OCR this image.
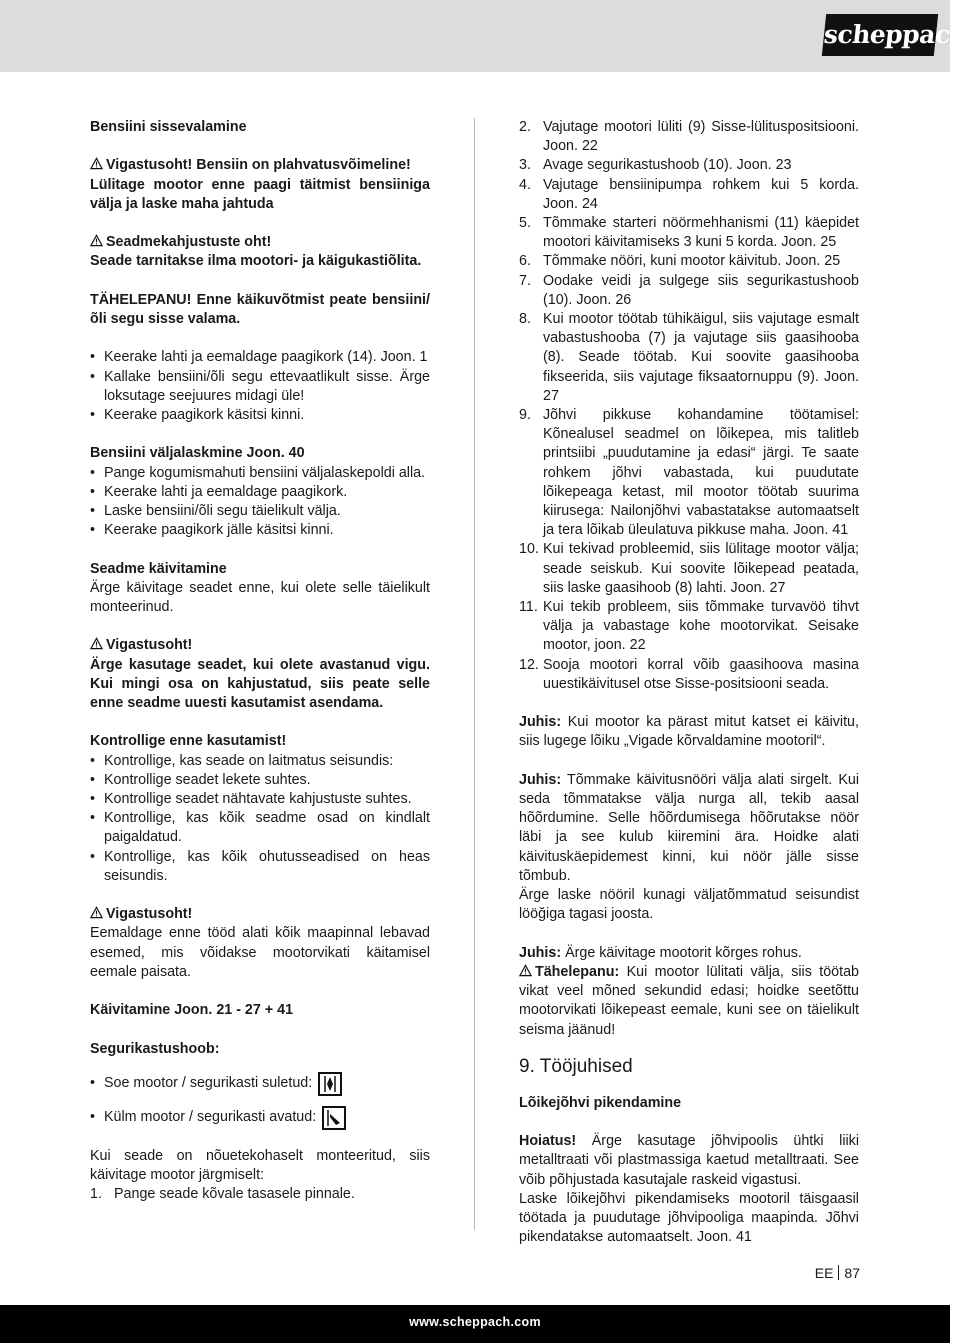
scheppach

Bensiini sissevalamine

Vigastusoht! Bensiin on plahvatusvõimeline!

Lülitage mootor enne paagi täitmist bensiiniga välja ja laske maha jahtuda

Seadmekahjustuste oht!

Seade tarnitakse ilma mootori- ja käigukastiõlita.

TÄHELEPANU! Enne käikuvõtmist peate bensiini/õli segu sisse valama.

• Keerake lahti ja eemaldage paagikork (14). Joon. 1
• Kallake bensiini/õli segu ettevaatlikult sisse. Ärge loksutage seejuures midagi üle!
• Keerake paagikork käsitsi kinni.

Bensiini väljalaskmine Joon. 40

• Pange kogumismahuti bensiini väljalaskepoldi alla.
• Keerake lahti ja eemaldage paagikork.
• Laske bensiini/õli segu täielikult välja.
• Keerake paagikork jälle käsitsi kinni.

Seadme käivitamine

Ärge käivitage seadet enne, kui olete selle täielikult monteerinud.

Vigastusoht!

Ärge kasutage seadet, kui olete avastanud vigu. Kui mingi osa on kahjustatud, siis peate selle enne seadme uuesti kasutamist asendama.

Kontrollige enne kasutamist!

• Kontrollige, kas seade on laitmatus seisundis:
• Kontrollige seadet lekete suhtes.
• Kontrollige seadet nähtavate kahjustuste suhtes.
• Kontrollige, kas kõik seadme osad on kindlalt paigaldatud.
• Kontrollige, kas kõik ohutusseadised on heas seisundis.

Vigastusoht!

Eemaldage enne tööd alati kõik maapinnal lebavad esemed, mis võidakse mootorvikati käitamisel eemale paisata.

Käivitamine Joon. 21 - 27 + 41

Segurikastushoob:

• Soe mootor / segurikasti suletud:
• Külm mootor / segurikasti avatud:

Kui seade on nõuetekohaselt monteeritud, siis käivitage mootor järgmiselt:

1. Pange seade kõvale tasasele pinnale.
2. Vajutage mootori lüliti (9) Sisse-lülituspositsiooni. Joon. 22
3. Avage segurikastushoob (10). Joon. 23
4. Vajutage bensiinipumpa rohkem kui 5 korda. Joon. 24
5. Tõmmake starteri nöörmehhanismi (11) käepidet mootori käivitamiseks 3 kuni 5 korda. Joon. 25
6. Tõmmake nööri, kuni mootor käivitub. Joon. 25
7. Oodake veidi ja sulgege siis segurikastushoob (10). Joon. 26
8. Kui mootor töötab tühikäigul, siis vajutage esmalt vabastushooba (7) ja vajutage siis gaasihooba (8). Seade töötab. Kui soovite gaasihooba fikseerida, siis vajutage fiksaatornuppu (9). Joon. 27
9. Jõhvi pikkuse kohandamine töötamisel: Kõnealusel seadmel on lõikepea, mis talitleb printsiibi „puudutamine ja edasi“ järgi. Te saate rohkem jõhvi vabastada, kui puudutate lõikepeaga ketast, mil mootor töötab suurima kiirusega: Nailonjõhvi vabastatakse automaatselt ja tera lõikab üleulatuva pikkuse maha. Joon. 41
10. Kui tekivad probleemid, siis lülitage mootor välja; seade seiskub. Kui soovite lõikepead peatada, siis laske gaasihoob (8) lahti. Joon. 27
11. Kui tekib probleem, siis tõmmake turvavöö tihvt välja ja vabastage kohe mootorvikat. Seisake mootor, joon. 22
12. Sooja mootori korral võib gaasihoova masina uuestikäivitusel otse Sisse-positsiooni seada.

Juhis: Kui mootor ka pärast mitut katset ei käivitu, siis lugege lõiku „Vigade kõrvaldamine mootoril“.

Juhis: Tõmmake käivitusnööri välja alati sirgelt. Kui seda tõmmatakse välja nurga all, tekib aasal hõõrdumine. Selle hõõrdumisega hõõrutakse nöör läbi ja see kulub kiiremini ära. Hoidke alati käivituskäepidemest kinni, kui nöör jälle sisse tõmbub.

Ärge laske nööril kunagi väljatõmmatud seisundist lööğiga tagasi joosta.

Juhis: Ärge käivitage mootorit kõrges rohus.

Tähelepanu: Kui mootor lülitati välja, siis töötab vikat veel mõned sekundid edasi; hoidke seetõttu mootorvikati lõikepeast eemale, kuni see on täielikult seisma jäänud!

9. Tööjuhised

Lõikejõhvi pikendamine

Hoiatus! Ärge kasutage jõhvipoolis ühtki liiki metalltraati või plastmassiga kaetud metalltraati. See võib põhjustada kasutajale raskeid vigastusi.

Laske lõikejõhvi pikendamiseks mootoril täisgaasil töötada ja puudutage jõhvipooliga maapinda. Jõhvi pikendatakse automaatselt. Joon. 41

EE 87
www.scheppach.com
